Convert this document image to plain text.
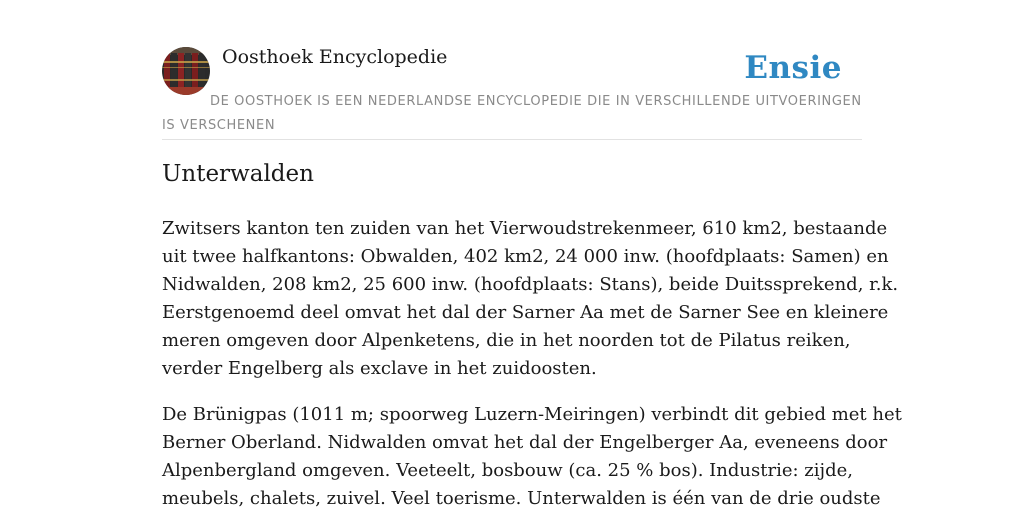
Oosthoek Encyclopedie	Ensie
DE OOSTHOEK IS EEN NEDERLANDSE ENCYCLOPEDIE DIE IN VERSCHILLENDE UITVOERINGEN IS VERSCHENEN
Unterwalden

Zwitsers kanton ten zuiden van het Vierwoudstrekenmeer, 610 km2, bestaande
uit twee halfkantons: Obwalden, 402 km2, 24 000 inw. (hoofdplaats: Samen) en
Nidwalden, 208 km2, 25 600 inw. (hoofdplaats: Stans), beide Duitssprekend, r.k.
Eerstgenoemd deel omvat het dal der Sarner Aa met de Sarner See en kleinere
meren omgeven door Alpenketens, die in het noorden tot de Pilatus reiken,
verder Engelberg als exclave in het zuidoosten.

De Brünigpas (1011 m; spoorweg Luzern-Meiringen) verbindt dit gebied met het
Berner Oberland. Nidwalden omvat het dal der Engelberger Aa, eveneens door
Alpenbergland omgeven. Veeteelt, bosbouw (ca. 25 % bos). Industrie: zijde,
meubels, chalets, zuivel. Veel toerisme. Unterwalden is één van de drie oudste
